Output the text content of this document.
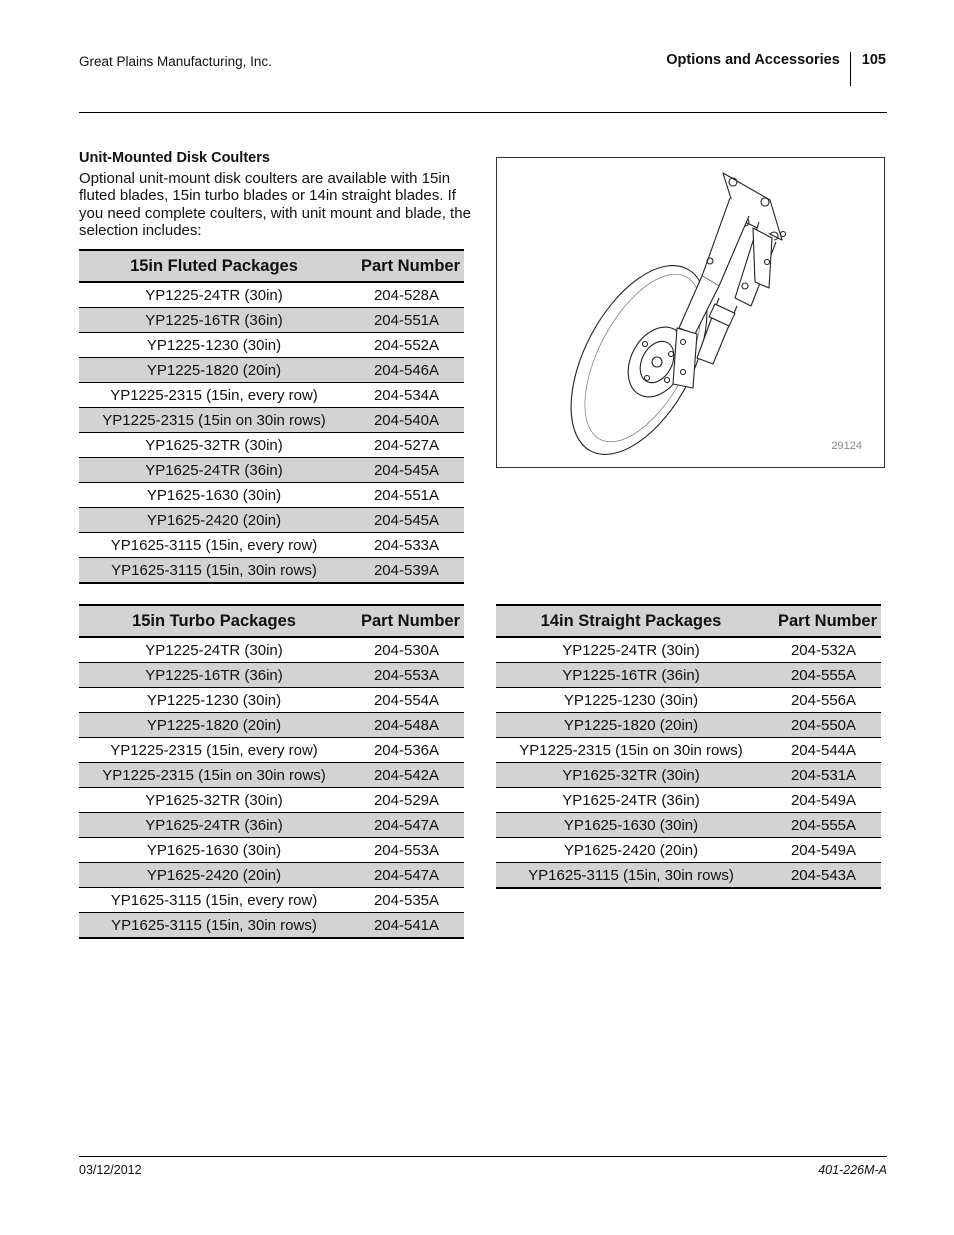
Great Plains Manufacturing, Inc.	Options and Accessories 105
Unit-Mounted Disk Coulters
Optional unit-mount disk coulters are available with 15in fluted blades, 15in turbo blades or 14in straight blades. If you need complete coulters, with unit mount and blade, the selection includes:
29124
15in Fluted Packages	Part Number
YP1225-24TR (30in)	204-528A
YP1225-16TR (36in)	204-551A
YP1225-1230 (30in)	204-552A
YP1225-1820 (20in)	204-546A
YP1225-2315 (15in, every row)	204-534A
YP1225-2315 (15in on 30in rows)	204-540A
YP1625-32TR (30in)	204-527A
YP1625-24TR (36in)	204-545A
YP1625-1630 (30in)	204-551A
YP1625-2420 (20in)	204-545A
YP1625-3115 (15in, every row)	204-533A
YP1625-3115 (15in, 30in rows)	204-539A
15in Turbo Packages	Part Number
YP1225-24TR (30in)	204-530A
YP1225-16TR (36in)	204-553A
YP1225-1230 (30in)	204-554A
YP1225-1820 (20in)	204-548A
YP1225-2315 (15in, every row)	204-536A
YP1225-2315 (15in on 30in rows)	204-542A
YP1625-32TR (30in)	204-529A
YP1625-24TR (36in)	204-547A
YP1625-1630 (30in)	204-553A
YP1625-2420 (20in)	204-547A
YP1625-3115 (15in, every row)	204-535A
YP1625-3115 (15in, 30in rows)	204-541A
14in Straight Packages	Part Number
YP1225-24TR (30in)	204-532A
YP1225-16TR (36in)	204-555A
YP1225-1230 (30in)	204-556A
YP1225-1820 (20in)	204-550A
YP1225-2315 (15in on 30in rows)	204-544A
YP1625-32TR (30in)	204-531A
YP1625-24TR (36in)	204-549A
YP1625-1630 (30in)	204-555A
YP1625-2420 (20in)	204-549A
YP1625-3115 (15in, 30in rows)	204-543A
03/12/2012	401-226M-A
